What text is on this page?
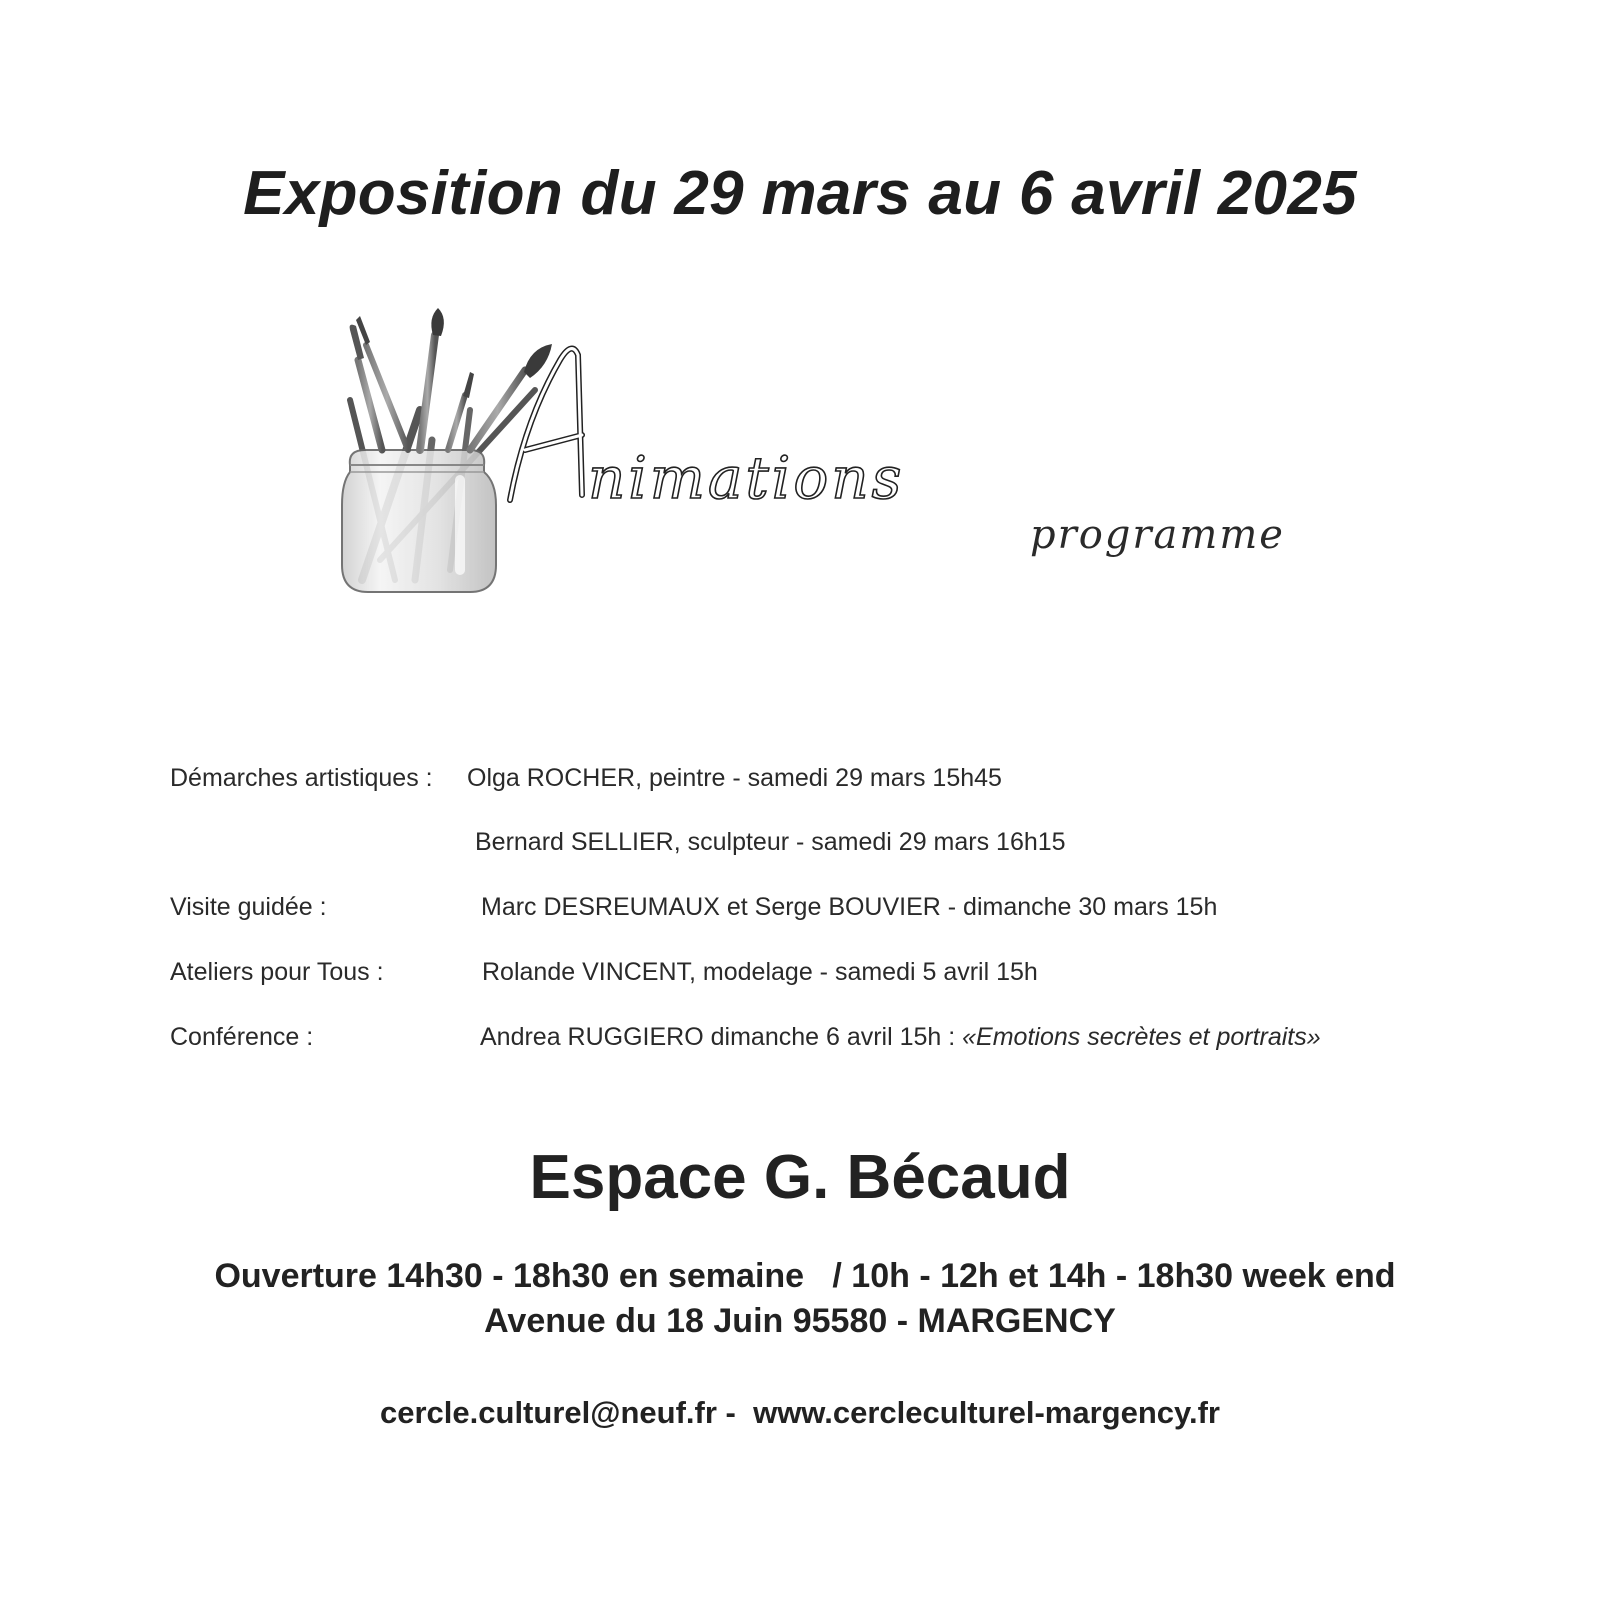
Exposition du 29 mars au 6 avril 2025
nimations
programme
Démarches artistiques : Olga ROCHER, peintre - samedi 29 mars 15h45
Bernard SELLIER, sculpteur - samedi 29 mars 16h15
Visite guidée :	Marc DESREUMAUX et Serge BOUVIER - dimanche 30 mars 15h
Ateliers pour Tous :	Rolande VINCENT, modelage - samedi 5 avril 15h
Conférence :	Andrea RUGGIERO dimanche 6 avril 15h : «Emotions secrètes et portraits»
Espace G. Bécaud
Ouverture 14h30 - 18h30 en semaine   / 10h - 12h et 14h - 18h30 week end
Avenue du 18 Juin 95580 - MARGENCY
cercle.culturel@neuf.fr -  www.cercleculturel-margency.fr
